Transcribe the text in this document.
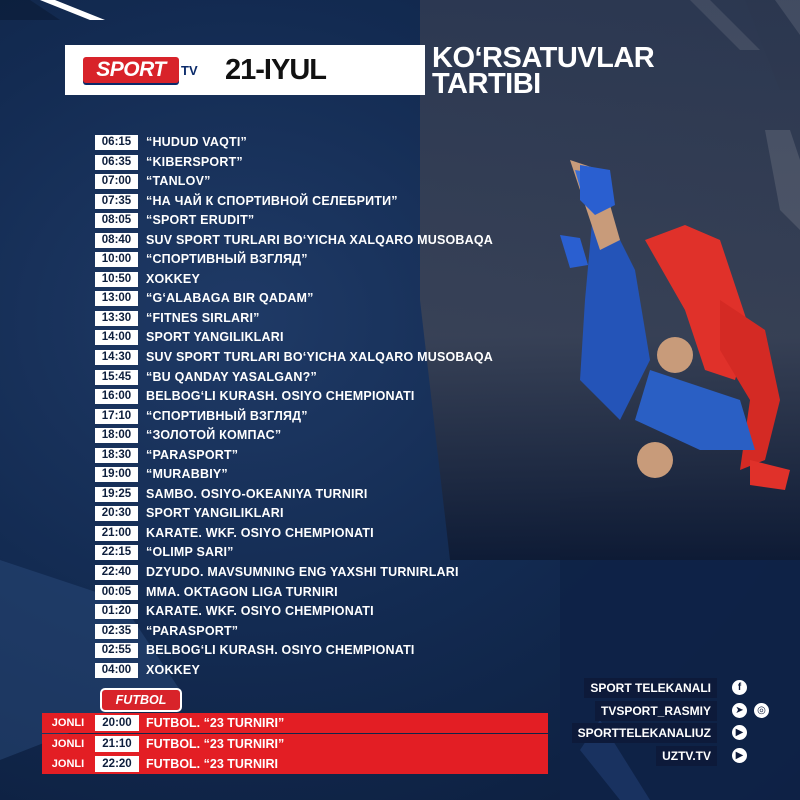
SPORT	TV 21-IYUL	KO‘RSATUVLAR
TARTIBI
06:15	“HUDUD VAQTI”
06:35	“KIBERSPORT”
07:00	“TANLOV”
07:35	“НА ЧАЙ К СПОРТИВНОЙ СЕЛЕБРИТИ”
08:05	“SPORT ERUDIT”
08:40	SUV SPORT TURLARI BO‘YICHA XALQARO MUSOBAQA
10:00	“СПОРТИВНЫЙ ВЗГЛЯД”
10:50	XOKKEY
13:00	“G‘ALABAGA BIR QADAM”
13:30	“FITNES SIRLARI”
14:00	SPORT YANGILIKLARI
14:30	SUV SPORT TURLARI BO‘YICHA XALQARO MUSOBAQA
15:45	“BU QANDAY YASALGAN?”
16:00	BELBOG‘LI KURASH. OSIYO CHEMPIONATI
17:10	“СПОРТИВНЫЙ ВЗГЛЯД”
18:00	“ЗОЛОТОЙ КОМПАС”
18:30	“PARASPORT”
19:00	“MURABBIY”
19:25	SAMBO. OSIYO-OKEANIYA TURNIRI
20:30	SPORT YANGILIKLARI
21:00	KARATE. WKF. OSIYO CHEMPIONATI
22:15	“OLIMP SARI”
22:40	DZYUDO. MAVSUMNING ENG YAXSHI TURNIRLARI
00:05	MMA. OKTAGON LIGA TURNIRI
01:20	KARATE. WKF. OSIYO CHEMPIONATI
02:35	“PARASPORT”
02:55	BELBOG‘LI KURASH. OSIYO CHEMPIONATI
04:00	XOKKEY
FUTBOL
JONLI	20:00	FUTBOL. “23 TURNIRI”
JONLI	21:10	FUTBOL. “23 TURNIRI”
JONLI	22:20	FUTBOL. “23 TURNIRI
SPORT TELEKANALI	f
TVSPORT_RASMIY	➤	◎
SPORTTELEKANALIUZ	▶
UZTV.TV	▶
